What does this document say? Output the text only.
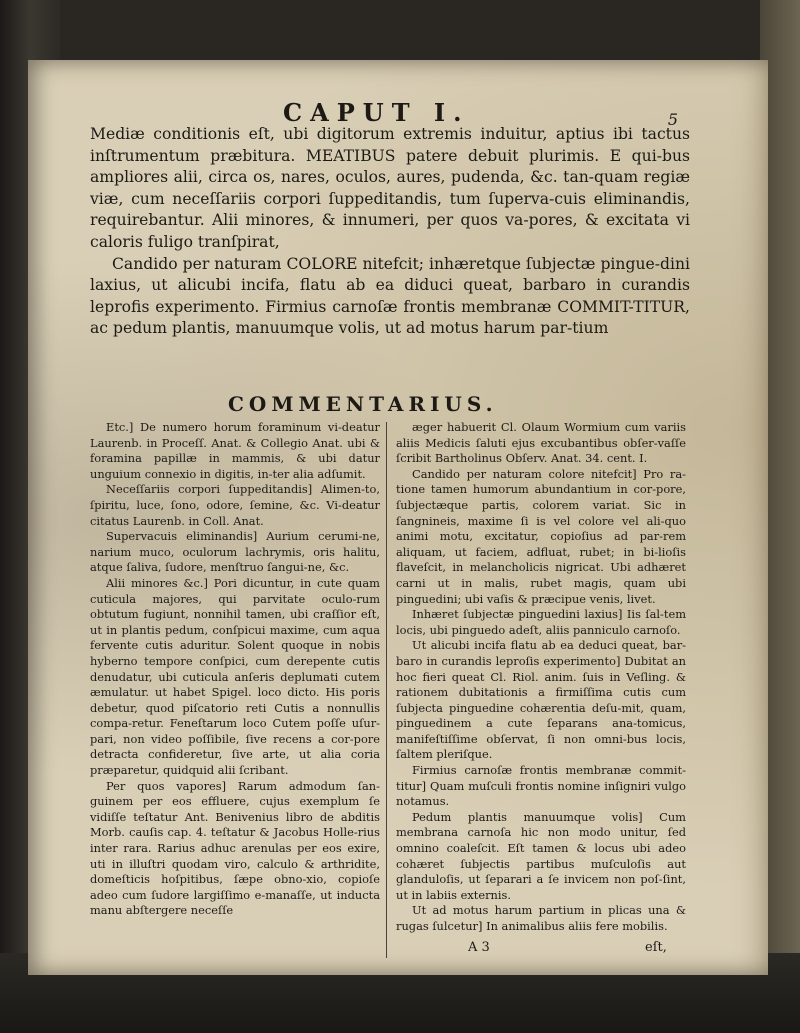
CAPUT I.	5

Mediæ conditionis eſt, ubi digitorum extremis induitur, aptius ibi tactus inſtrumentum præbitura. MEATIBUS patere debuit plurimis. E qui-bus ampliores alii, circa os, nares, oculos, aures, pudenda, &c. tan-quam regiæ viæ, cum neceſſariis corpori ſuppeditandis, tum ſuperva-cuis eliminandis, requirebantur. Alii minores, & innumeri, per quos va-pores, & excitata vi caloris fuligo tranſpirat,

Candido per naturam COLORE nitefcit; inhæretque ſubjectæ pingue-dini laxius, ut alicubi incifa, flatu ab ea diduci queat, barbaro in curandis leprofis experimento. Firmius carnoſæ frontis membranæ COMMIT-TITUR, ac pedum plantis, manuumque volis, ut ad motus harum par-tium

COMMENTARIUS.

Etc.] De numero horum foraminum vi-deatur Laurenb. in Proceſſ. Anat. & Collegio Anat. ubi & foramina papillæ in mammis, & ubi datur unguium connexio in digitis, in-ter alia adſumit.

Neceſſariis corpori ſuppeditandis] Alimen-to, ſpiritu, luce, ſono, odore, ſemine, &c. Vi-deatur citatus Laurenb. in Coll. Anat.

Supervacuis eliminandis] Aurium cerumi-ne, narium muco, oculorum lachrymis, oris halitu, atque ſaliva, ſudore, menſtruo ſangui-ne, &c.

Alii minores &c.] Pori dicuntur, in cute quam cuticula majores, qui parvitate oculo-rum obtutum fugiunt, nonnihil tamen, ubi craſſior eſt, ut in plantis pedum, conſpicui maxime, cum aqua fervente cutis aduritur. Solent quoque in nobis hyberno tempore conſpici, cum derepente cutis denudatur, ubi cuticula anſeris deplumati cutem æmulatur. ut habet Spigel. loco dicto. His poris debetur, quod piſcatorio reti Cutis a nonnullis compa-retur. Feneſtarum loco Cutem poſſe uſur-pari, non video poſſibile, ſive recens a cor-pore detracta confideretur, ſive arte, ut alia coria præparetur, quidquid alii ſcribant.

Per quos vapores] Rarum admodum ſan-guinem per eos effluere, cujus exemplum ſe vidiſſe teſtatur Ant. Benivenius libro de abditis Morb. cauſis cap. 4. teſtatur & Jacobus Holle-rius inter rara. Rarius adhuc arenulas per eos exire, uti in illuſtri quodam viro, calculo & arthridite, domeſticis hoſpitibus, ſæpe obno-xio, copioſe adeo cum ſudore largiſſimo e-manaſſe, ut inducta manu abſtergere neceſſe

æger habuerit Cl. Olaum Wormium cum variis aliis Medicis ſaluti ejus excubantibus obſer-vaſſe ſcribit Bartholinus Obſerv. Anat. 34. cent. I.

Candido per naturam colore nitefcit] Pro ra-tione tamen humorum abundantium in cor-pore, ſubjectæque partis, colorem variat. Sic in ſangnineis, maxime ſi is vel colore vel ali-quo animi motu, excitatur, copioſius ad par-rem aliquam, ut faciem, adfluat, rubet; in bi-lioſis flaveſcit, in melancholicis nigricat. Ubi adhæret carni ut in malis, rubet magis, quam ubi pinguedini; ubi vaſis & præcipue venis, livet.

Inhæret ſubjectæ pinguedini laxius] Iis ſal-tem locis, ubi pinguedo adeſt, aliis panniculo carnoſo.

Ut alicubi incifa flatu ab ea deduci queat, bar-baro in curandis leproſis experimento] Dubitat an hoc fieri queat Cl. Riol. anim. ſuis in Veſling. & rationem dubitationis a firmiſſima cutis cum ſubjecta pinguedine cohærentia deſu-mit, quam, pinguedinem a cute ſeparans ana-tomicus, manifeſtiſſime obſervat, ſi non omni-bus locis, ſaltem pleriſque.

Firmius carnoſæ frontis membranæ commit-titur] Quam muſculi frontis nomine inſigniri vulgo notamus.

Pedum plantis manuumque volis] Cum membrana carnoſa hic non modo unitur, ſed omnino coaleſcit. Eſt tamen & locus ubi adeo cohæret ſubjectis partibus muſculoſis aut glanduloſis, ut ſeparari a ſe invicem non poſ-ſint, ut in labiis externis.

Ut ad motus harum partium in plicas una & rugas ſulcetur] In animalibus aliis fere mobilis.

A 3	eſt,
